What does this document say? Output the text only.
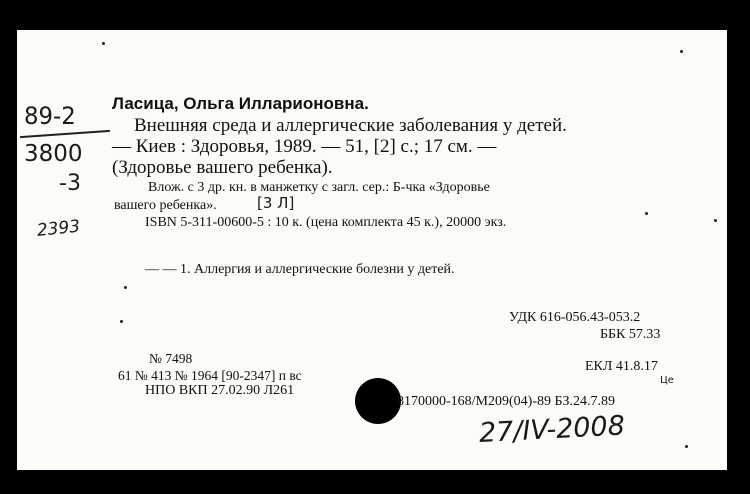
89-2
3800
-3
2393
Ласица, Ольга Илларионовна.
Внешняя среда и аллергические заболевания у детей.
— Киев : Здоровья, 1989. — 51, [2] с.; 17 см. —
(Здоровье вашего ребенка).
Влож. с 3 др. кн. в манжетку с загл. сер.: Б-чка «Здоровье
вашего ребенка».	[3 Л]
ISBN 5-311-00600-5 : 10 к. (цена комплекта 45 к.), 20000 экз.
— — 1. Аллергия и аллергические болезни у детей.
УДК 616-056.43-053.2
ББК 57.33
№ 7498
61 № 413 № 1964 [90-2347] п вс
НПО ВКП 27.02.90 Л261
ЕКЛ 41.8.17
Це
8170000-168/М209(04)-89 БЗ.24.7.89
27/IV-2008
